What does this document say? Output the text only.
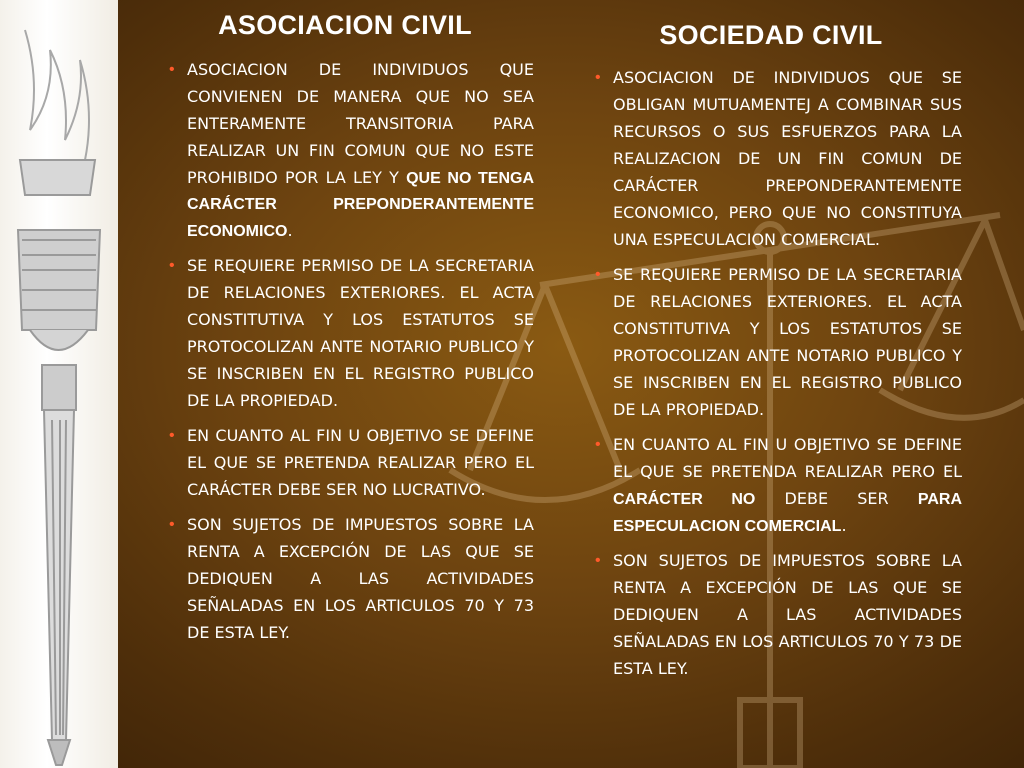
ASOCIACION CIVIL
• ASOCIACION DE INDIVIDUOS QUE CONVIENEN DE MANERA QUE NO SEA ENTERAMENTE TRANSITORIA PARA REALIZAR UN FIN COMUN QUE NO ESTE PROHIBIDO POR LA LEY Y QUE NO TENGA CARÁCTER PREPONDERANTEMENTE ECONOMICO.
• SE REQUIERE PERMISO DE LA SECRETARIA DE RELACIONES EXTERIORES. EL ACTA CONSTITUTIVA Y LOS ESTATUTOS SE PROTOCOLIZAN ANTE NOTARIO PUBLICO Y SE INSCRIBEN EN EL REGISTRO PUBLICO DE LA PROPIEDAD.
• EN CUANTO AL FIN U OBJETIVO SE DEFINE EL QUE SE PRETENDA REALIZAR PERO EL CARÁCTER DEBE SER NO LUCRATIVO.
• SON SUJETOS DE IMPUESTOS SOBRE LA RENTA A EXCEPCIÓN DE LAS QUE SE DEDIQUEN A LAS ACTIVIDADES SEÑALADAS EN LOS ARTICULOS 70 Y 73 DE ESTA LEY.
SOCIEDAD CIVIL
• ASOCIACION DE INDIVIDUOS QUE SE OBLIGAN MUTUAMENTEJ A COMBINAR SUS RECURSOS O SUS ESFUERZOS PARA LA REALIZACION DE UN FIN COMUN DE CARÁCTER PREPONDERANTEMENTE ECONOMICO, PERO QUE NO CONSTITUYA UNA ESPECULACION COMERCIAL.
• SE REQUIERE PERMISO DE LA SECRETARIA DE RELACIONES EXTERIORES. EL ACTA CONSTITUTIVA Y LOS ESTATUTOS SE PROTOCOLIZAN ANTE NOTARIO PUBLICO Y SE INSCRIBEN EN EL REGISTRO PUBLICO DE LA PROPIEDAD.
• EN CUANTO AL FIN U OBJETIVO SE DEFINE EL QUE SE PRETENDA REALIZAR PERO EL CARÁCTER NO DEBE SER PARA ESPECULACION COMERCIAL.
• SON SUJETOS DE IMPUESTOS SOBRE LA RENTA A EXCEPCIÓN DE LAS QUE SE DEDIQUEN A LAS ACTIVIDADES SEÑALADAS EN LOS ARTICULOS 70 Y 73 DE ESTA LEY.
